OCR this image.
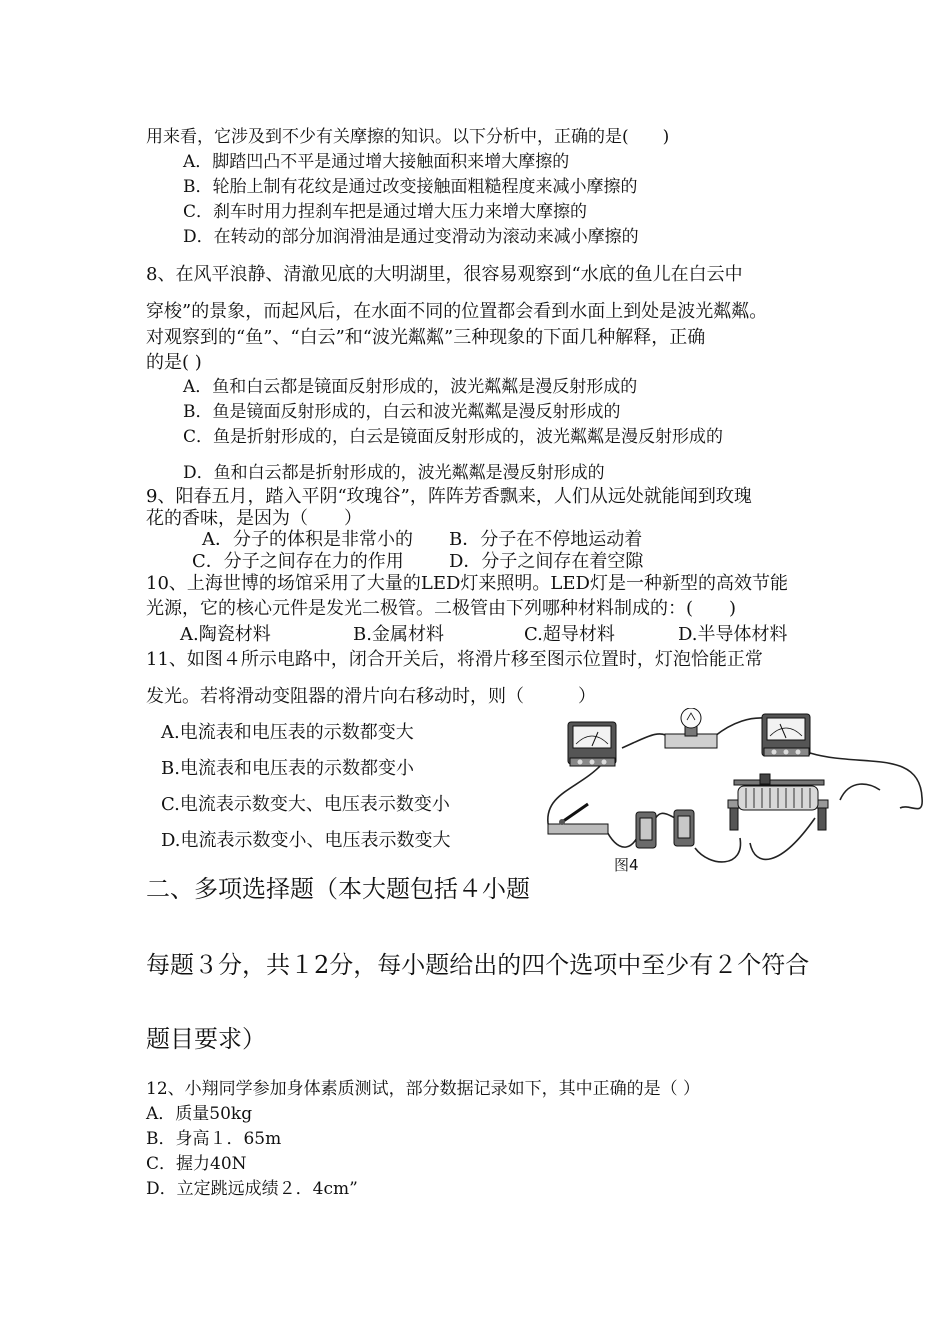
用来看，它涉及到不少有关摩擦的知识。以下分析中，正确的是(　　)
A．脚踏凹凸不平是通过增大接触面积来增大摩擦的
B．轮胎上制有花纹是通过改变接触面粗糙程度来减小摩擦的
C．刹车时用力捏刹车把是通过增大压力来增大摩擦的
D．在转动的部分加润滑油是通过变滑动为滚动来减小摩擦的
8、在风平浪静、清澈见底的大明湖里，很容易观察到“水底的鱼儿在白云中
穿梭”的景象，而起风后，在水面不同的位置都会看到水面上到处是波光粼粼。
对观察到的“鱼”、“白云”和“波光粼粼”三种现象的下面几种解释，正确
的是( )
A．鱼和白云都是镜面反射形成的，波光粼粼是漫反射形成的
B．鱼是镜面反射形成的，白云和波光粼粼是漫反射形成的
C．鱼是折射形成的，白云是镜面反射形成的，波光粼粼是漫反射形成的
D．鱼和白云都是折射形成的，波光粼粼是漫反射形成的
9、阳春五月，踏入平阴“玫瑰谷”，阵阵芳香飘来，人们从远处就能闻到玫瑰
花的香味，是因为（　　）
A．分子的体积是非常小的 B．分子在不停地运动着
C．分子之间存在力的作用	D．分子之间存在着空隙
10、上海世博的场馆采用了大量的LED灯来照明。LED灯是一种新型的高效节能
光源，它的核心元件是发光二极管。二极管由下列哪种材料制成的：(　　)
A.陶瓷材料	B.金属材料	C.超导材料	D.半导体材料
11、如图４所示电路中，闭合开关后，将滑片移至图示位置时，灯泡恰能正常
发光。若将滑动变阻器的滑片向右移动时，则（　　　）
A.电流表和电压表的示数都变大
B.电流表和电压表的示数都变小
C.电流表示数变大、电压表示数变小
D.电流表示数变小、电压表示数变大
图4
二、多项选择题（本大题包括４小题
每题３分，共１2分，每小题给出的四个选项中至少有２个符合
题目要求）
12、小翔同学参加身体素质测试，部分数据记录如下，其中正确的是（ ）
A．质量50kg
B．身高１．65m
C．握力40N
D．立定跳远成绩２．4cm”
